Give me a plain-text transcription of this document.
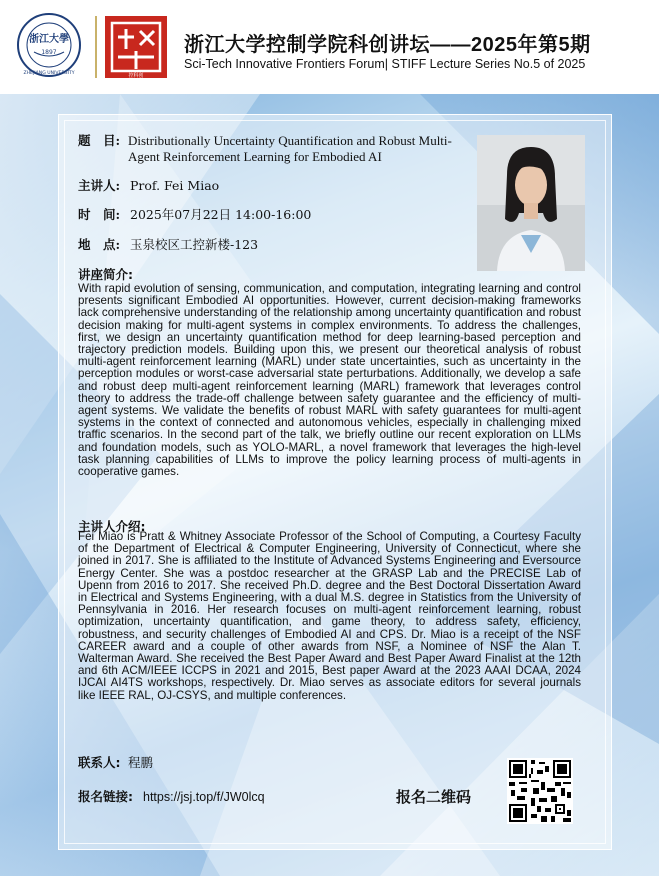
浙江大學
1897
ZHEJIANG UNIVERSITY	控科创
浙江大学控制学院科创讲坛——2025年第5期
Sci-Tech Innovative Frontiers Forum| STIFF Lecture Series No.5 of 2025
题　目: Distributionally Uncertainty Quantification and Robust Multi-Agent Reinforcement Learning for Embodied AI
主讲人: Prof. Fei Miao
时　间: 2025年07月22日 14:00-16:00
地　点: 玉泉校区工控新楼-123
讲座简介:
With rapid evolution of sensing, communication, and computation, integrating learning and control presents significant Embodied AI opportunities. However, current decision-making frameworks lack comprehensive understanding of the relationship among uncertainty quantification and robust decision making for multi-agent systems in complex environments. To address the challenges, first, we design an uncertainty quantification method for deep learning-based perception and trajectory prediction models. Building upon this, we present our theoretical analysis of robust multi-agent reinforcement learning (MARL) under state uncertainties, such as uncertainty in the perception modules or worst-case adversarial state perturbations. Additionally, we develop a safe and robust deep multi-agent reinforcement learning (MARL) framework that leverages control theory to address the trade-off challenge between safety guarantee and the efficiency of multi-agent systems. We validate the benefits of robust MARL with safety guarantees for multi-agent systems in the context of connected and autonomous vehicles, especially in challenging mixed traffic scenarios. In the second part of the talk, we briefly outline our recent exploration on LLMs and foundation models, such as YOLO-MARL, a novel framework that leverages the high-level task planning capabilities of LLMs to improve the policy learning process of multi-agents in cooperative games.
主讲人介绍:
Fei Miao is Pratt & Whitney Associate Professor of the School of Computing, a Courtesy Faculty of the Department of Electrical & Computer Engineering, University of Connecticut, where she joined in 2017. She is affiliated to the Institute of Advanced Systems Engineering and Eversource Energy Center. She was a postdoc researcher at the GRASP Lab and the PRECISE Lab of Upenn from 2016 to 2017. She received Ph.D. degree and the Best Doctoral Dissertation Award in Electrical and Systems Engineering, with a dual M.S. degree in Statistics from the University of Pennsylvania in 2016. Her research focuses on multi-agent reinforcement learning, robust optimization, uncertainty quantification, and game theory, to address safety, efficiency, robustness, and security challenges of Embodied AI and CPS. Dr. Miao is a receipt of the NSF CAREER award and a couple of other awards from NSF, a Nominee of NSF the Alan T. Walterman Award. She received the Best Paper Award and Best Paper Award Finalist at the 12th and 6th ACM/IEEE ICCPS in 2021 and 2015, Best paper Award at the 2023 AAAI DCAA, 2024 IJCAI AI4TS workshops, respectively. Dr. Miao serves as associate editors for several journals like IEEE RAL, OJ-CSYS, and multiple conferences.
联系人: 程鹏
报名链接: https://jsj.top/f/JW0lcq	报名二维码
